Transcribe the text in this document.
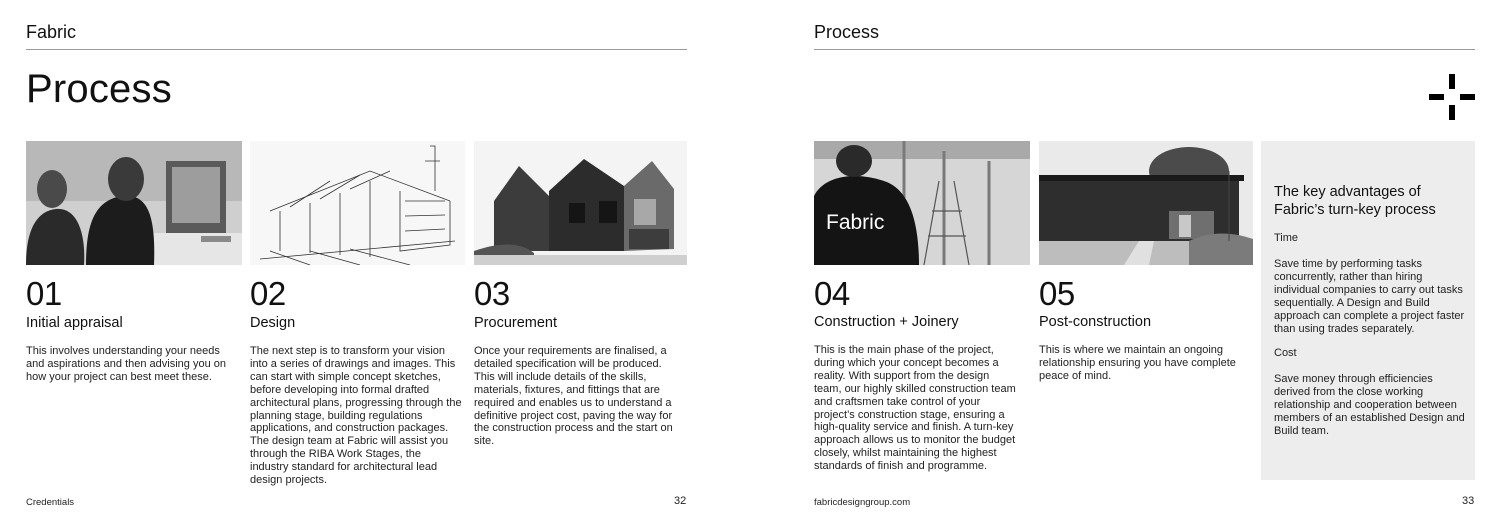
Fabric
Process
01
Initial appraisal
This involves understanding your needs and aspirations and then advising you on how your project can best meet these.
02
Design
The next step is to transform your vision into a series of drawings and images. This can start with simple concept sketches, before developing into formal drafted architectural plans, progressing through the planning stage, building regulations applications, and construction packages. The design team at Fabric will assist you through the RIBA Work Stages, the industry standard for architectural lead design projects.
03
Procurement
Once your requirements are finalised, a detailed specification will be produced. This will include details of the skills, materials, fixtures, and fittings that are required and enables us to understand a definitive project cost, paving the way for the construction process and the start on site.
Credentials	32
Process
Fabric
04
Construction + Joinery
This is the main phase of the project, during which your concept becomes a reality. With support from the design team, our highly skilled construction team and craftsmen take control of your project’s construction stage, ensuring a high-quality service and finish. A turn-key approach allows us to monitor the budget closely, whilst maintaining the highest standards of finish and programme.
05
Post-construction
This is where we maintain an ongoing relationship ensuring you have complete peace of mind.
The key advantages of Fabric’s turn-key process
Time
Save time by performing tasks concurrently, rather than hiring individual companies to carry out tasks sequentially. A Design and Build approach can complete a project faster than using trades separately.
Cost
Save money through efficiencies derived from the close working relationship and cooperation between members of an established Design and Build team.
fabricdesigngroup.com	33
